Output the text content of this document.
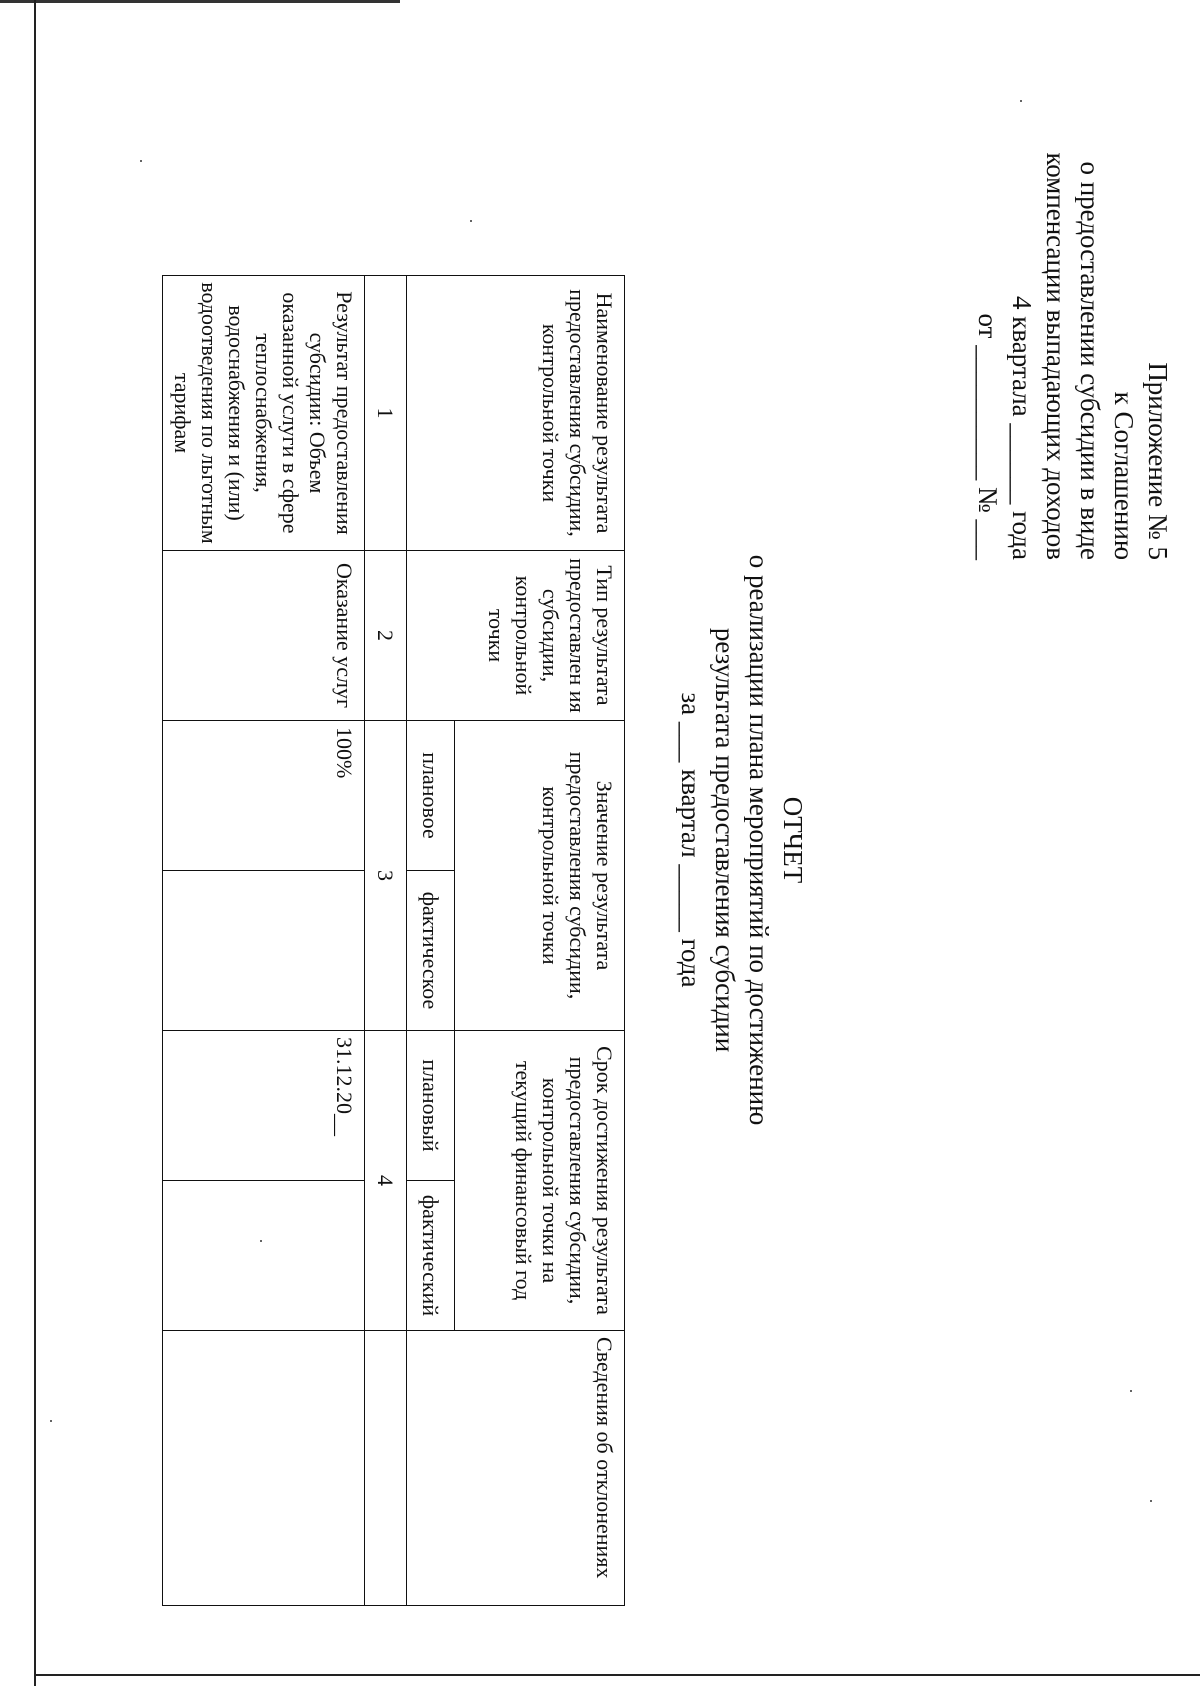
Приложение № 5
к Соглашению
о предоставлении субсидии в виде
компенсации выпадающих доходов
4 квартала ______ года
от __________ № ___
ОТЧЕТ
о реализации плана мероприятий по достижению
результата предоставления субсидии
за ___ квартал _____ года
Наименование результата предоставления субсидии, контрольной точки	Тип результата предоставлен ия субсидии, контрольной точки	Значение результата предоставления субсидии, контрольной точки		Срок достижения результата предоставления субсидии, контрольной точки на текущий финансовый год		Сведения об отклонениях
		плановое	фактическое	плановый	фактический	
1	2	3		4		
Результат предоставления субсидии: Объем оказанной услуги в сфере теплоснабжения, водоснабжения и (или) водоотведения по льготным тарифам	Оказание услуг	100%		31.12.20__		
